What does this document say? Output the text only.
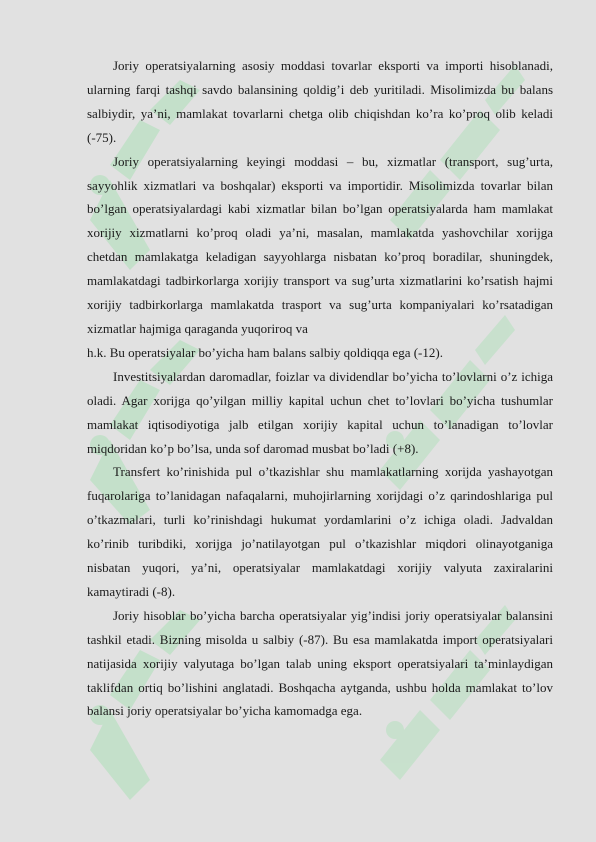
Joriy operatsiyalarning asosiy moddasi tovarlar eksporti va importi hisoblanadi, ularning farqi tashqi savdo balansining qoldig’i deb yuritiladi. Misolimizda bu balans salbiydir, ya’ni, mamlakat tovarlarni chetga olib chiqishdan ko’ra ko’proq olib keladi (-75).

Joriy operatsiyalarning keyingi moddasi – bu, xizmatlar (transport, sug’urta, sayyohlik xizmatlari va boshqalar) eksporti va importidir. Misolimizda tovarlar bilan bo’lgan operatsiyalardagi kabi xizmatlar bilan bo’lgan operatsiyalarda ham mamlakat xorijiy xizmatlarni ko’proq oladi ya’ni, masalan, mamlakatda yashovchilar xorijga chetdan mamlakatga keladigan sayyohlarga nisbatan ko’proq boradilar, shuningdek, mamlakatdagi tadbirkorlarga xorijiy transport va sug’urta xizmatlarini ko’rsatish hajmi xorijiy tadbirkorlarga mamlakatda trasport va sug’urta kompaniyalari ko’rsatadigan xizmatlar hajmiga qaraganda yuqoriroq va

h.k. Bu operatsiyalar bo’yicha ham balans salbiy qoldiqqa ega (-12).

Investitsiyalardan daromadlar, foizlar va dividendlar bo’yicha to’lovlarni o’z ichiga oladi. Agar xorijga qo’yilgan milliy kapital uchun chet to’lovlari bo’yicha tushumlar mamlakat iqtisodiyotiga jalb etilgan xorijiy kapital uchun to’lanadigan to’lovlar miqdoridan ko’p bo’lsa, unda sof daromad musbat bo’ladi (+8).

Transfert ko’rinishida pul o’tkazishlar shu mamlakatlarning xorijda yashayotgan fuqarolariga to’lanidagan nafaqalarni, muhojirlarning xorijdagi o’z qarindoshlariga pul o’tkazmalari, turli ko’rinishdagi hukumat yordamlarini o’z ichiga oladi. Jadvaldan ko’rinib turibdiki, xorijga jo’natilayotgan pul o’tkazishlar miqdori olinayotganiga nisbatan yuqori, ya’ni, operatsiyalar mamlakatdagi xorijiy valyuta zaxiralarini kamaytiradi (-8).

Joriy hisoblar bo’yicha barcha operatsiyalar yig’indisi joriy operatsiyalar balansini tashkil etadi. Bizning misolda u salbiy (-87). Bu esa mamlakatda import operatsiyalari natijasida xorijiy valyutaga bo’lgan talab uning eksport operatsiyalari ta’minlaydigan taklifdan ortiq bo’lishini anglatadi. Boshqacha aytganda, ushbu holda mamlakat to’lov balansi joriy operatsiyalar bo’yicha kamomadga ega.
